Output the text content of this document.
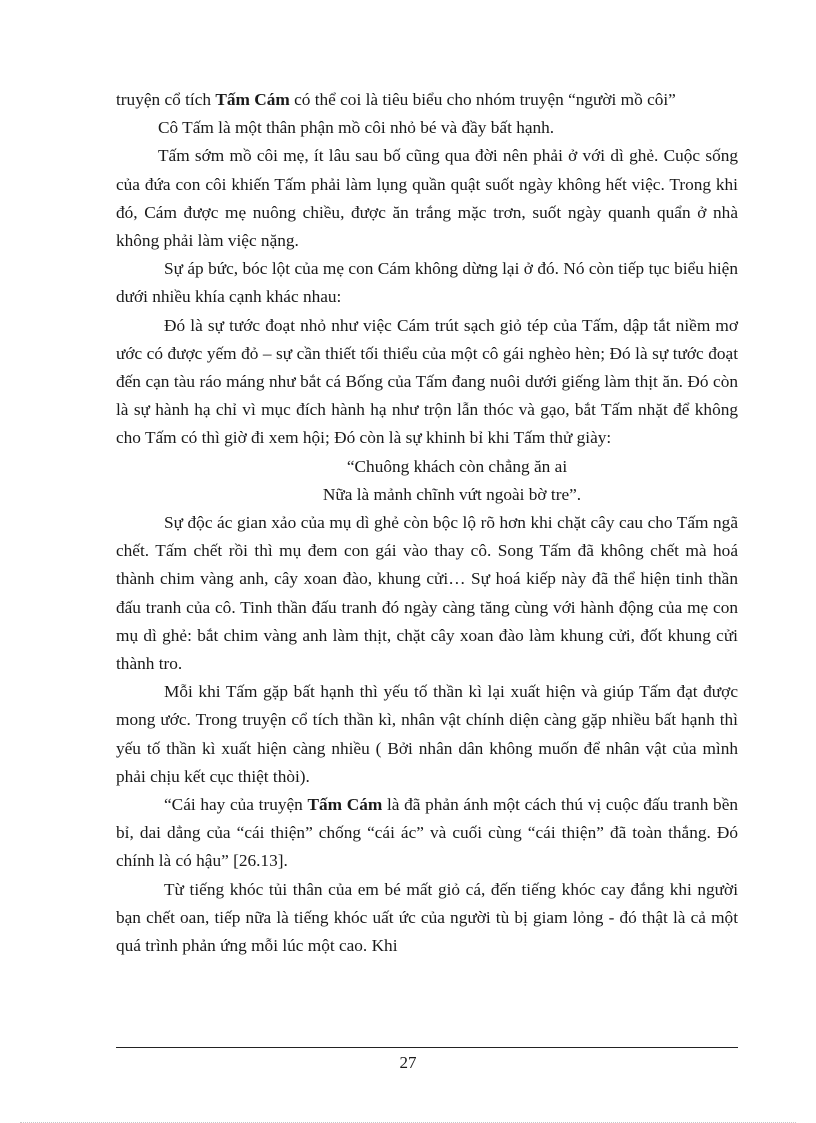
truyện cổ tích Tấm Cám có thể coi là tiêu biểu cho nhóm truyện “người mồ côi”

Cô Tấm là một thân phận mồ côi nhỏ bé và đầy bất hạnh.

Tấm sớm mồ côi mẹ, ít lâu sau bố cũng qua đời nên phải ở với dì ghẻ. Cuộc sống của đứa con côi khiến Tấm phải làm lụng quần quật suốt ngày không hết việc. Trong khi đó, Cám được mẹ nuông chiều, được ăn trắng mặc trơn, suốt ngày quanh quẩn ở nhà không phải làm việc nặng.

Sự áp bức, bóc lột của mẹ con Cám không dừng lại ở đó. Nó còn tiếp tục biểu hiện dưới nhiều khía cạnh khác nhau:

Đó là sự tước đoạt nhỏ như việc Cám trút sạch giỏ tép của Tấm, dập tắt niềm mơ ước có được yếm đỏ – sự cần thiết tối thiểu của một cô gái nghèo hèn; Đó là sự tước đoạt đến cạn tàu ráo máng như bắt cá Bống của Tấm đang nuôi dưới giếng làm thịt ăn. Đó còn là sự hành hạ chỉ vì mục đích hành hạ như trộn lẫn thóc và gạo, bắt Tấm nhặt để không cho Tấm có thì giờ đi xem hội; Đó còn là sự khinh bỉ khi Tấm thử giày:

“Chuông khách còn chẳng ăn ai

Nữa là mảnh chĩnh vứt ngoài bờ tre”.

Sự độc ác gian xảo của mụ dì ghẻ còn bộc lộ rõ hơn khi chặt cây cau cho Tấm ngã chết. Tấm chết rồi thì mụ đem con gái vào thay cô. Song Tấm đã không chết mà hoá thành chim vàng anh, cây xoan đào, khung cửi… Sự hoá kiếp này đã thể hiện tinh thần đấu tranh của cô. Tinh thần đấu tranh đó ngày càng tăng cùng với hành động của mẹ con mụ dì ghẻ: bắt chim vàng anh làm thịt, chặt cây xoan đào làm khung cửi, đốt khung cửi thành tro.

Mỗi khi Tấm gặp bất hạnh thì yếu tố thần kì lại xuất hiện và giúp Tấm đạt được mong ước. Trong truyện cổ tích thần kì, nhân vật chính diện càng gặp nhiều bất hạnh thì yếu tố thần kì xuất hiện càng nhiều ( Bởi nhân dân không muốn để nhân vật của mình phải chịu kết cục thiệt thòi).

“Cái hay của truyện Tấm Cám là đã phản ánh một cách thú vị cuộc đấu tranh bền bỉ, dai dẳng của “cái thiện” chống “cái ác” và cuối cùng “cái thiện” đã toàn thắng. Đó chính là có hậu” [26.13].

Từ tiếng khóc tủi thân của em bé mất giỏ cá, đến tiếng khóc cay đắng khi người bạn chết oan, tiếp nữa là tiếng khóc uất ức của người tù bị giam lỏng - đó thật là cả một quá trình phản ứng mỗi lúc một cao. Khi

27
